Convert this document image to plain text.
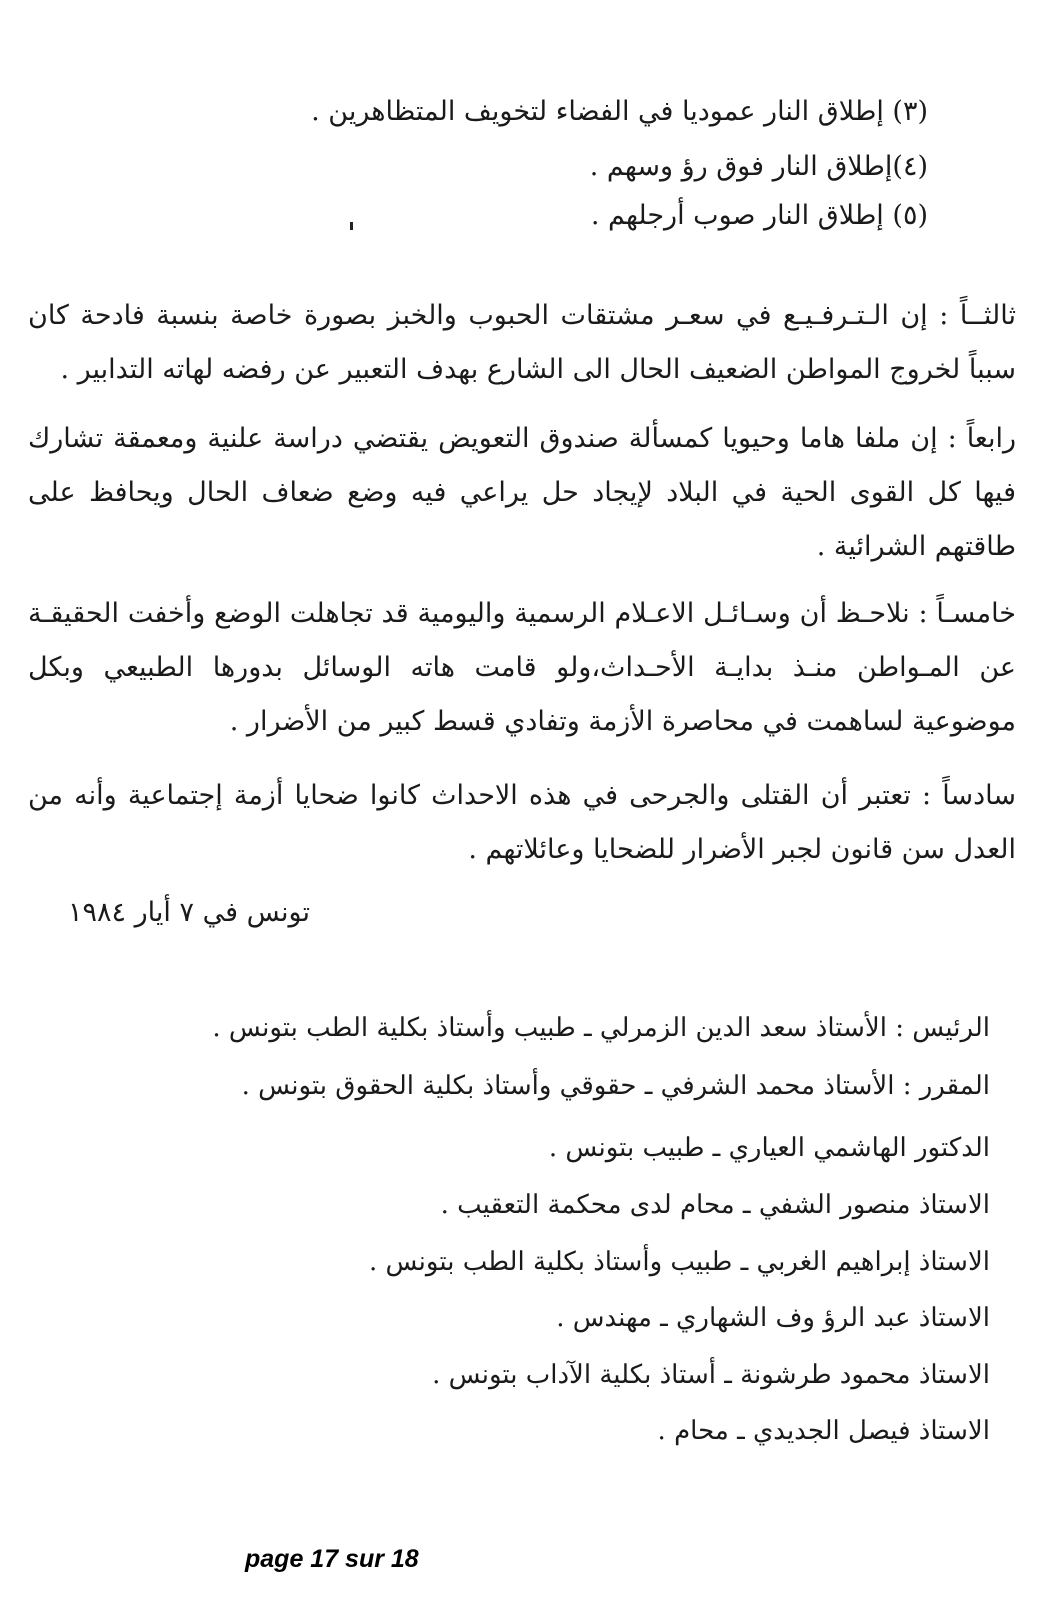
(٣) إطلاق النار عموديا في الفضاء لتخويف المتظاهرين .
(٤)إطلاق النار فوق رؤ وسهم .
(٥) إطلاق النار صوب أرجلهم .

ثالثــاً : إن الـتـرفـيـع في سعـر مشتقات الحبوب والخبز بصورة خاصة بنسبة فادحة كان سبباً لخروج المواطن الضعيف الحال الى الشارع بهدف التعبير عن رفضه لهاته التدابير .

رابعاً : إن ملفا هاما وحيويا كمسألة صندوق التعويض يقتضي دراسة علنية ومعمقة تشارك فيها كل القوى الحية في البلاد لإيجاد حل يراعي فيه وضع ضعاف الحال ويحافظ على طاقتهم الشرائية .

خامسـاً : نلاحـظ أن وسـائـل الاعـلام الرسمية واليومية قد تجاهلت الوضع وأخفت الحقيقـة عن المـواطن منـذ بدايـة الأحـداث،ولو قامت هاته الوسائل بدورها الطبيعي وبكل موضوعية لساهمت في محاصرة الأزمة وتفادي قسط كبير من الأضرار .

سادساً : تعتبر أن القتلى والجرحى في هذه الاحداث كانوا ضحايا أزمة إجتماعية وأنه من العدل سن قانون لجبر الأضرار للضحايا وعائلاتهم .

تونس في ٧ أيار ١٩٨٤
الرئيس : الأستاذ سعد الدين الزمرلي ـ طبيب وأستاذ بكلية الطب بتونس .
المقرر : الأستاذ محمد الشرفي ـ حقوقي وأستاذ بكلية الحقوق بتونس .
الدكتور الهاشمي العياري ـ طبيب بتونس .
الاستاذ منصور الشفي ـ محام لدى محكمة التعقيب .
الاستاذ إبراهيم الغربي ـ طبيب وأستاذ بكلية الطب بتونس .
الاستاذ عبد الرؤ وف الشهاري ـ مهندس .
الاستاذ محمود طرشونة ـ أستاذ بكلية الآداب بتونس .
الاستاذ فيصل الجديدي ـ محام .
page 17 sur 18
